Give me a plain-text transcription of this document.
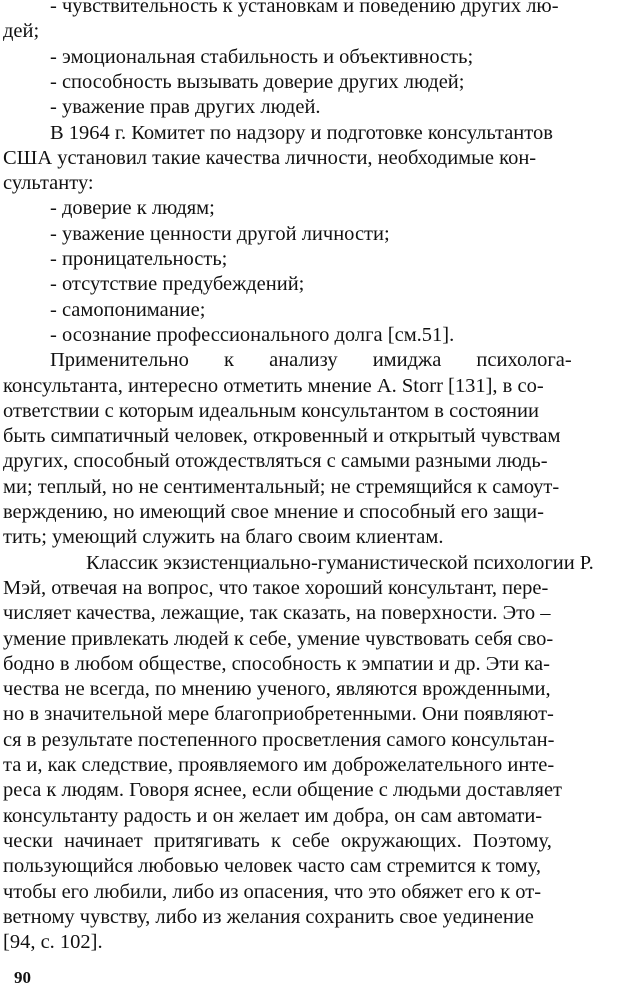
- чувствительность к установкам и поведению других лю-
дей;
- эмоциональная стабильность и объективность;
- способность вызывать доверие других людей;
- уважение прав других людей.
В 1964 г. Комитет по надзору и подготовке консультантов
США установил такие качества личности, необходимые кон-
сультанту:
- доверие к людям;
- уважение ценности другой личности;
- проницательность;
- отсутствие предубеждений;
- самопонимание;
- осознание профессионального долга [см.51].
Применительно к анализу имиджа психолога-
консультанта, интересно отметить мнение A. Storr [131], в со-
ответствии с которым идеальным консультантом в состоянии
быть симпатичный человек, откровенный и открытый чувствам
других, способный отождествляться с самыми разными людь-
ми; теплый, но не сентиментальный; не стремящийся к самоут-
верждению, но имеющий свое мнение и способный его защи-
тить; умеющий служить на благо своим клиентам.
Классик экзистенциально-гуманистической психологии Р.
Мэй, отвечая на вопрос, что такое хороший консультант, пере-
числяет качества, лежащие, так сказать, на поверхности. Это –
умение привлекать людей к себе, умение чувствовать себя сво-
бодно в любом обществе, способность к эмпатии и др. Эти ка-
чества не всегда, по мнению ученого, являются врожденными,
но в значительной мере благоприобретенными. Они появляют-
ся в результате постепенного просветления самого консультан-
та и, как следствие, проявляемого им доброжелательного инте-
реса к людям. Говоря яснее, если общение с людьми доставляет
консультанту радость и он желает им добра, он сам автомати-
чески начинает притягивать к себе окружающих. Поэтому,
пользующийся любовью человек часто сам стремится к тому,
чтобы его любили, либо из опасения, что это обяжет его к от-
ветному чувству, либо из желания сохранить свое уединение
90
[94, с. 102].
